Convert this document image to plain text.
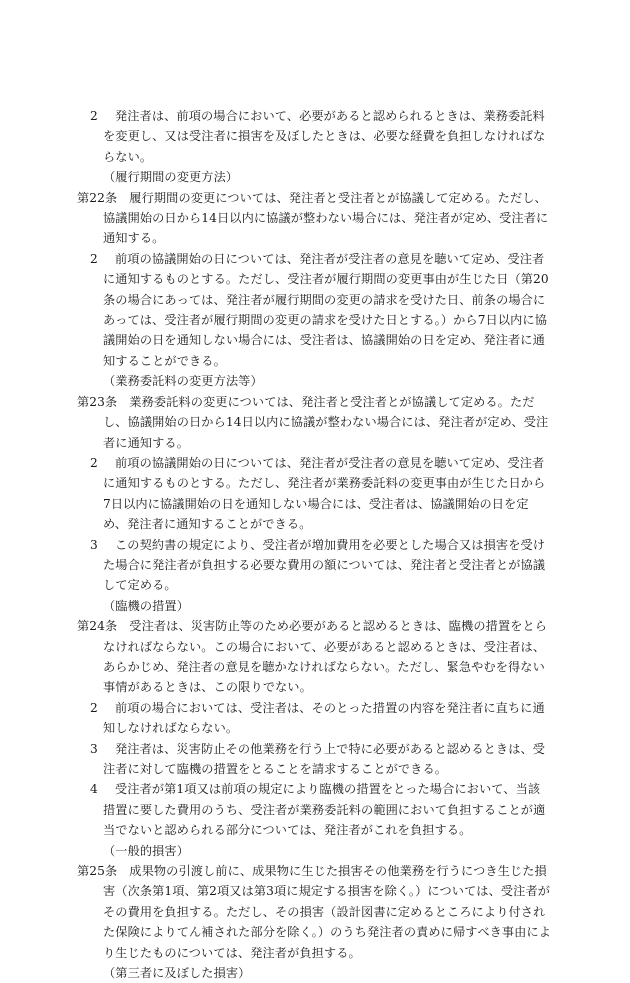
2 発注者は、前項の場合において、必要があると認められるときは、業務委託料を変更し、又は受注者に損害を及ぼしたときは、必要な経費を負担しなければならない。
（履行期間の変更方法）
第22条 履行期間の変更については、発注者と受注者とが協議して定める。ただし、協議開始の日から14日以内に協議が整わない場合には、発注者が定め、受注者に通知する。
2 前項の協議開始の日については、発注者が受注者の意見を聴いて定め、受注者に通知するものとする。ただし、受注者が履行期間の変更事由が生じた日（第20条の場合にあっては、発注者が履行期間の変更の請求を受けた日、前条の場合にあっては、受注者が履行期間の変更の請求を受けた日とする。）から7日以内に協議開始の日を通知しない場合には、受注者は、協議開始の日を定め、発注者に通知することができる。
（業務委託料の変更方法等）
第23条 業務委託料の変更については、発注者と受注者とが協議して定める。ただし、協議開始の日から14日以内に協議が整わない場合には、発注者が定め、受注者に通知する。
2 前項の協議開始の日については、発注者が受注者の意見を聴いて定め、受注者に通知するものとする。ただし、発注者が業務委託料の変更事由が生じた日から7日以内に協議開始の日を通知しない場合には、受注者は、協議開始の日を定め、発注者に通知することができる。
3 この契約書の規定により、受注者が増加費用を必要とした場合又は損害を受けた場合に発注者が負担する必要な費用の額については、発注者と受注者とが協議して定める。
（臨機の措置）
第24条 受注者は、災害防止等のため必要があると認めるときは、臨機の措置をとらなければならない。この場合において、必要があると認めるときは、受注者は、あらかじめ、発注者の意見を聴かなければならない。ただし、緊急やむを得ない事情があるときは、この限りでない。
2 前項の場合においては、受注者は、そのとった措置の内容を発注者に直ちに通知しなければならない。
3 発注者は、災害防止その他業務を行う上で特に必要があると認めるときは、受注者に対して臨機の措置をとることを請求することができる。
4 受注者が第1項又は前項の規定により臨機の措置をとった場合において、当該措置に要した費用のうち、受注者が業務委託料の範囲において負担することが適当でないと認められる部分については、発注者がこれを負担する。
（一般的損害）
第25条 成果物の引渡し前に、成果物に生じた損害その他業務を行うにつき生じた損害（次条第1項、第2項又は第3項に規定する損害を除く。）については、受注者がその費用を負担する。ただし、その損害（設計図書に定めるところにより付された保険によりてん補された部分を除く。）のうち発注者の責めに帰すべき事由により生じたものについては、発注者が負担する。
（第三者に及ぼした損害）
